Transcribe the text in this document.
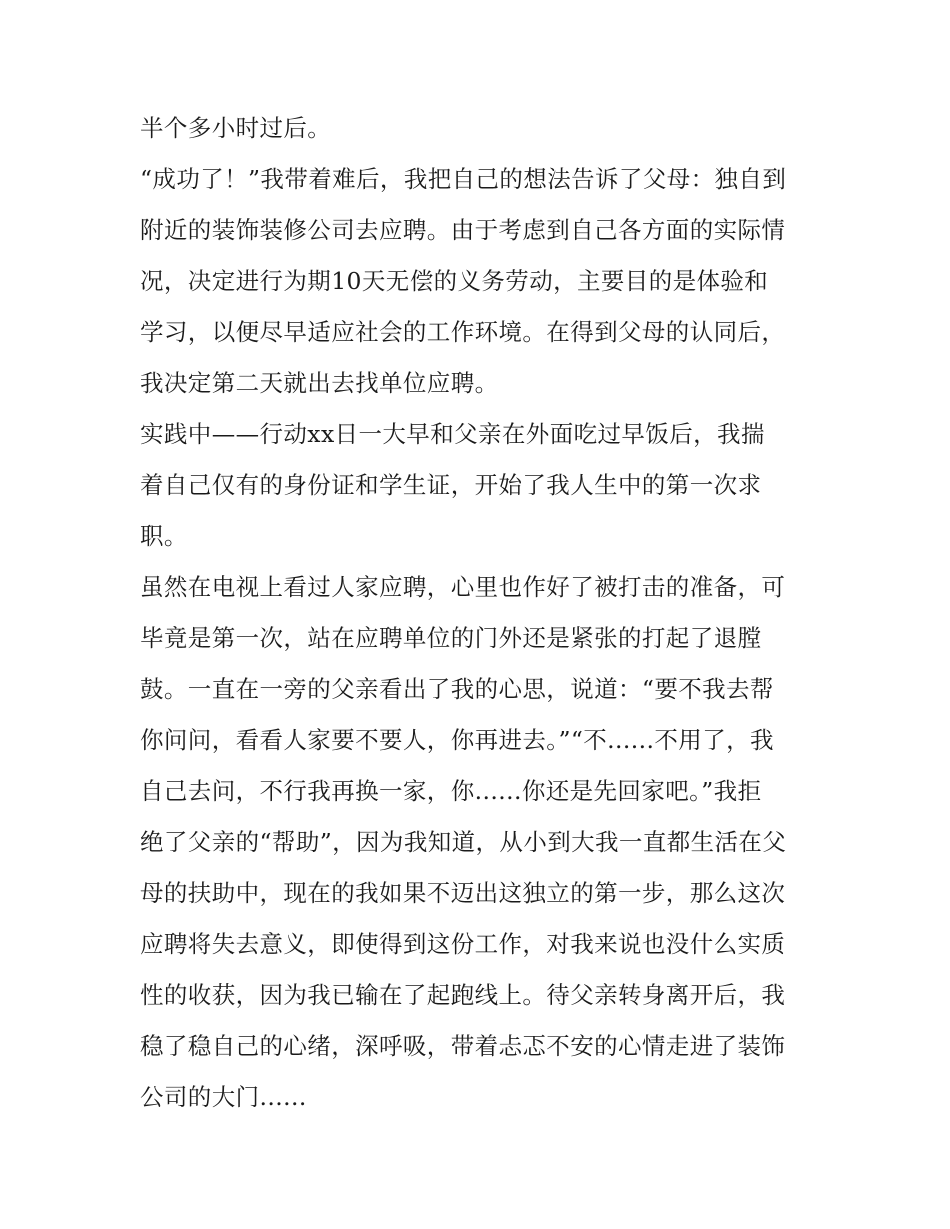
半个多小时过后。
“成功了！”我带着难后，我把自己的想法告诉了父母：独自到
附近的装饰装修公司去应聘。由于考虑到自己各方面的实际情
况，决定进行为期10天无偿的义务劳动，主要目的是体验和
学习，以便尽早适应社会的工作环境。在得到父母的认同后，
我决定第二天就出去找单位应聘。
实践中——行动xx日一大早和父亲在外面吃过早饭后，我揣
着自己仅有的身份证和学生证，开始了我人生中的第一次求
职。
虽然在电视上看过人家应聘，心里也作好了被打击的准备，可
毕竟是第一次，站在应聘单位的门外还是紧张的打起了退膛
鼓。一直在一旁的父亲看出了我的心思，说道：“要不我去帮
你问问，看看人家要不要人，你再进去。”“不......不用了，我
自己去问，不行我再换一家，你......你还是先回家吧。”我拒
绝了父亲的“帮助”，因为我知道，从小到大我一直都生活在父
母的扶助中，现在的我如果不迈出这独立的第一步，那么这次
应聘将失去意义，即使得到这份工作，对我来说也没什么实质
性的收获，因为我已输在了起跑线上。待父亲转身离开后，我
稳了稳自己的心绪，深呼吸，带着忐忑不安的心情走进了装饰
公司的大门......
